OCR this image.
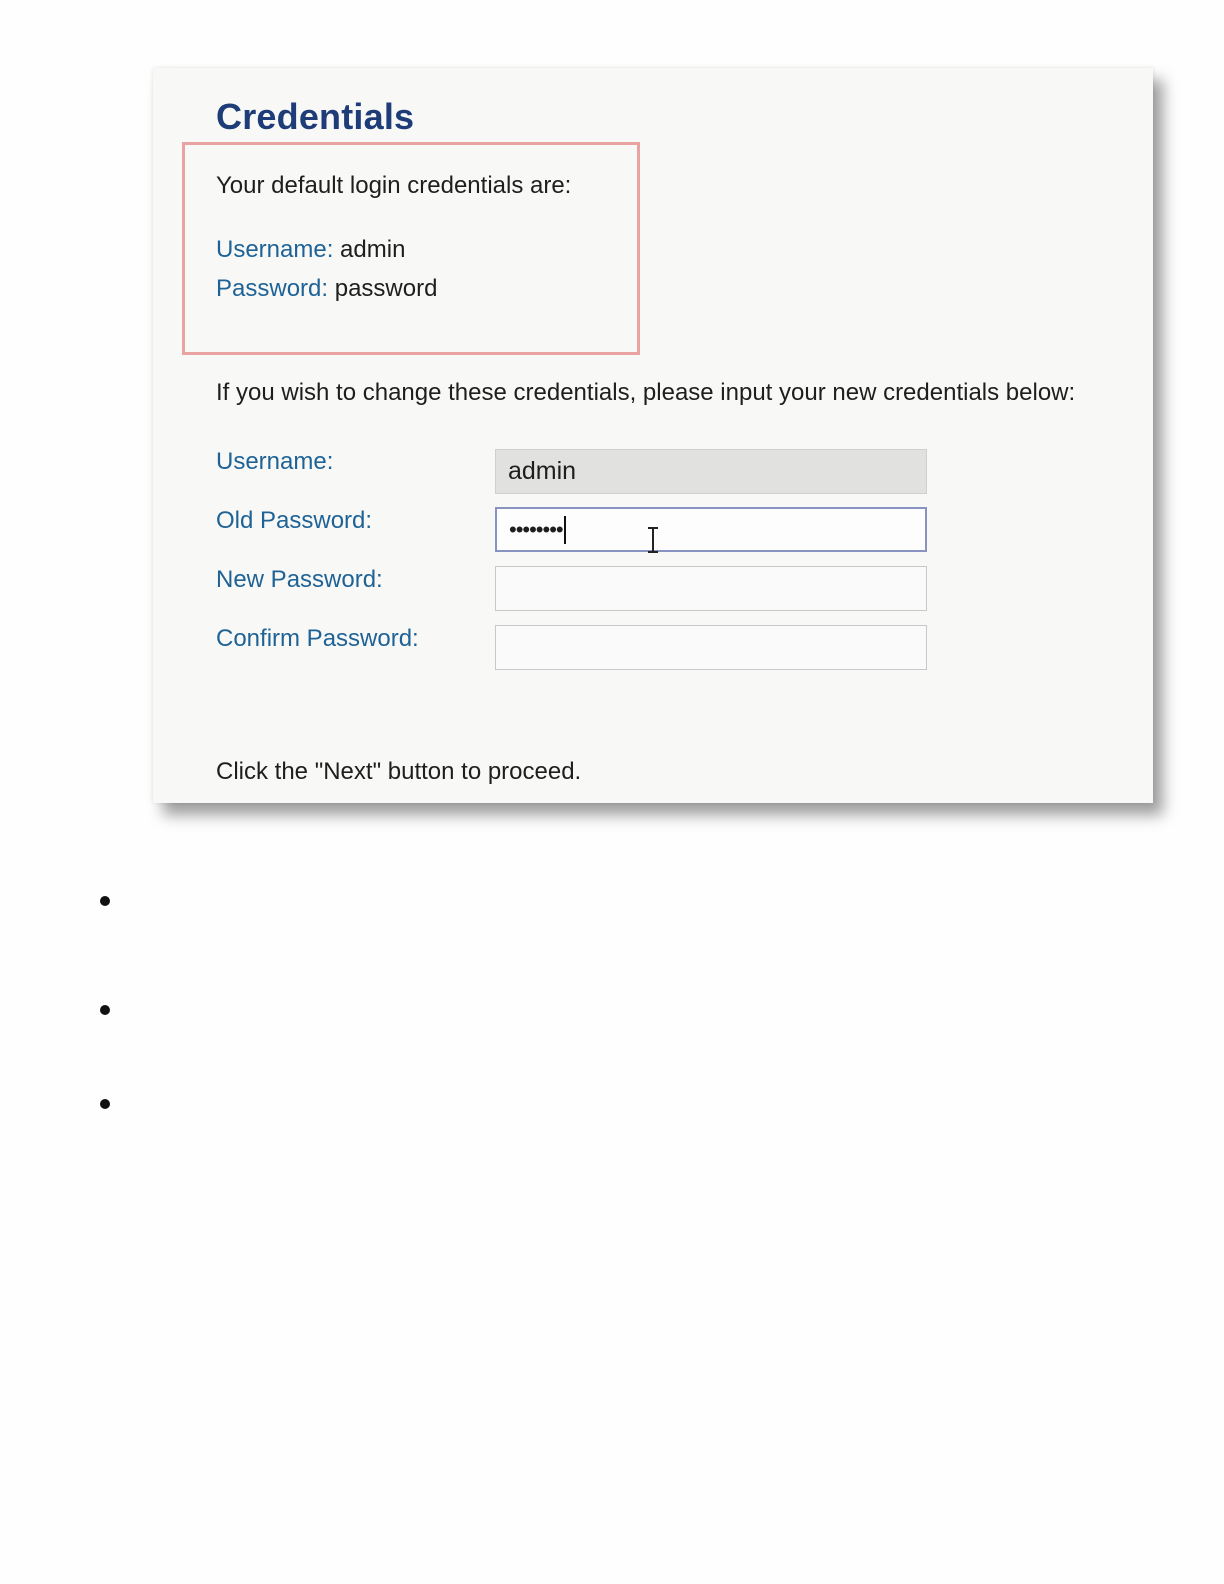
Credentials
Your default login credentials are:
Username: admin
Password: password
If you wish to change these credentials, please input your new credentials below:
Username:	admin
Old Password:	••••••••
New Password:
Confirm Password:
Click the "Next" button to proceed.
